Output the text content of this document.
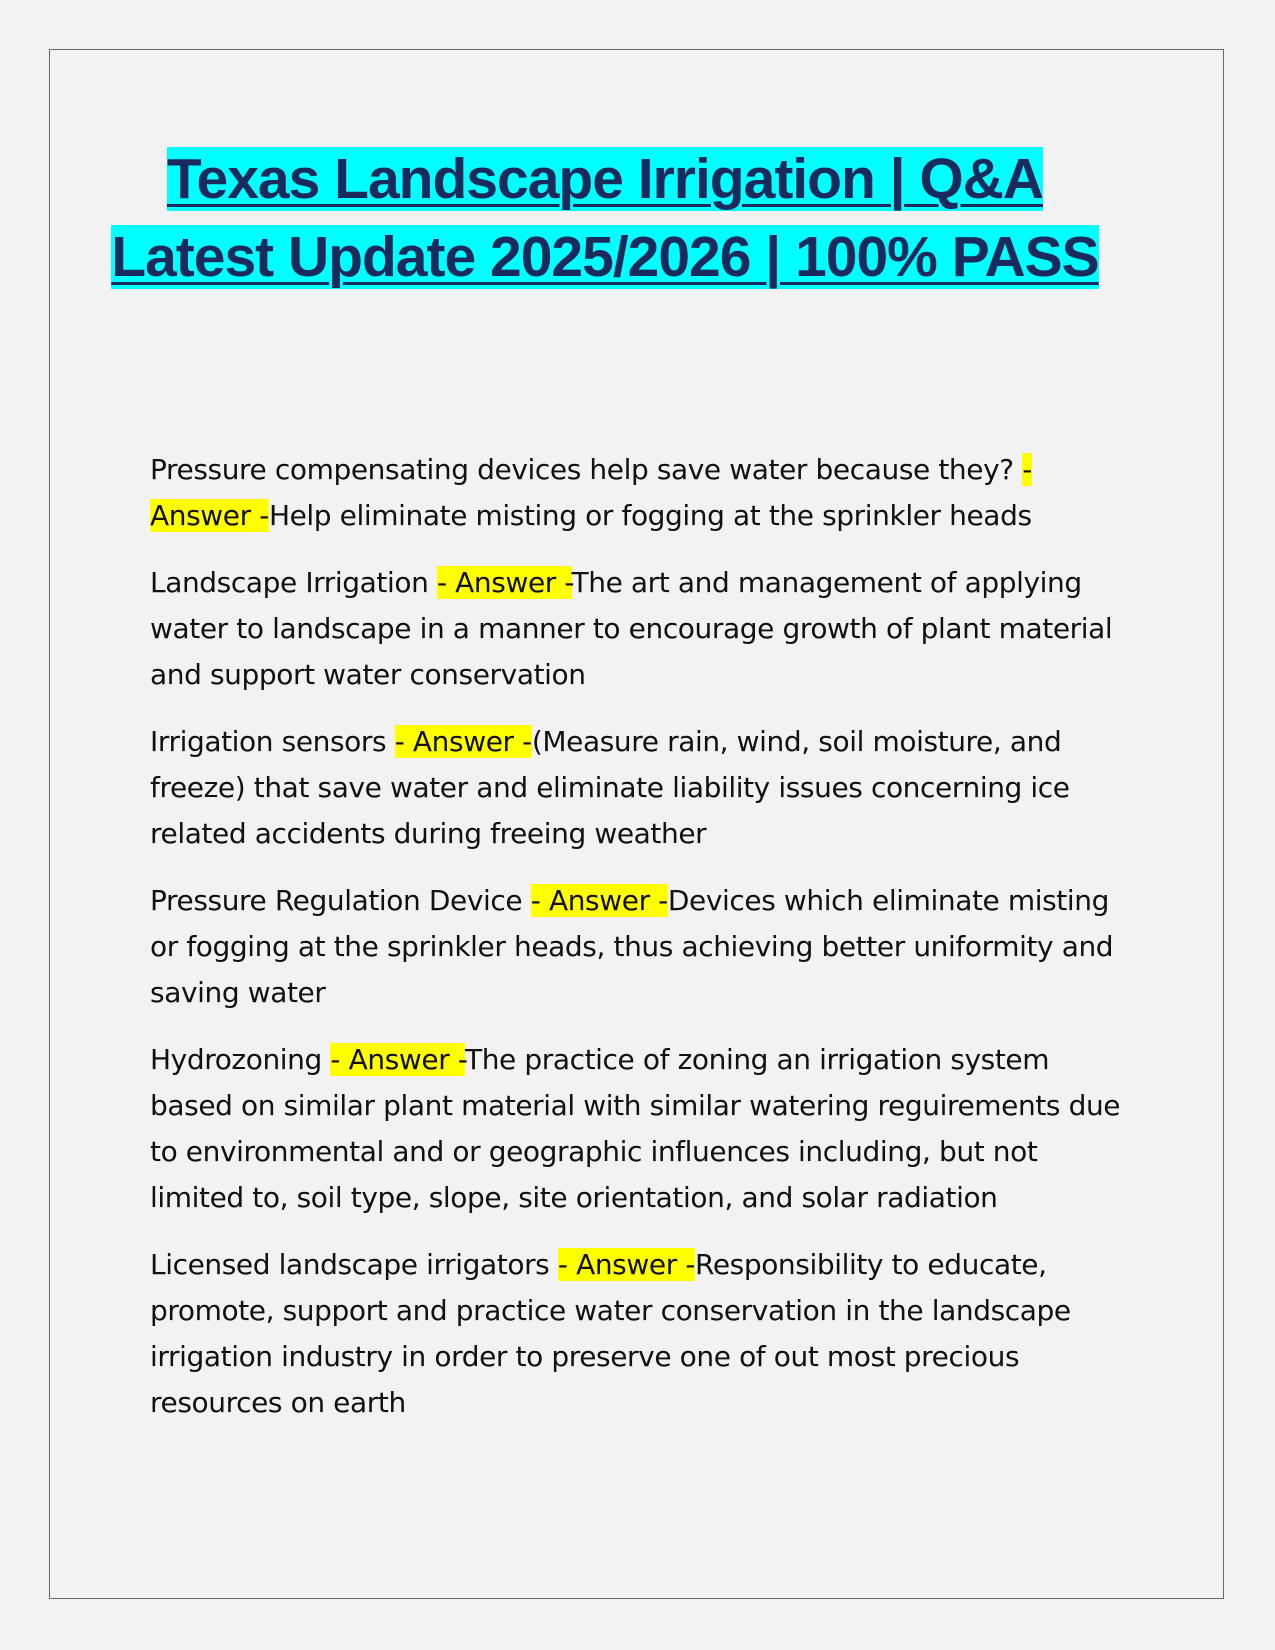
Texas Landscape Irrigation | Q&A Latest Update 2025/2026 | 100% PASS

Pressure compensating devices help save water because they? - Answer -Help eliminate misting or fogging at the sprinkler heads

Landscape Irrigation - Answer -The art and management of applying water to landscape in a manner to encourage growth of plant material and support water conservation

Irrigation sensors - Answer -(Measure rain, wind, soil moisture, and freeze) that save water and eliminate liability issues concerning ice related accidents during freeing weather

Pressure Regulation Device - Answer -Devices which eliminate misting or fogging at the sprinkler heads, thus achieving better uniformity and saving water

Hydrozoning - Answer -The practice of zoning an irrigation system based on similar plant material with similar watering reguirements due to environmental and or geographic influences including, but not limited to, soil type, slope, site orientation, and solar radiation

Licensed landscape irrigators - Answer -Responsibility to educate, promote, support and practice water conservation in the landscape irrigation industry in order to preserve one of out most precious resources on earth
